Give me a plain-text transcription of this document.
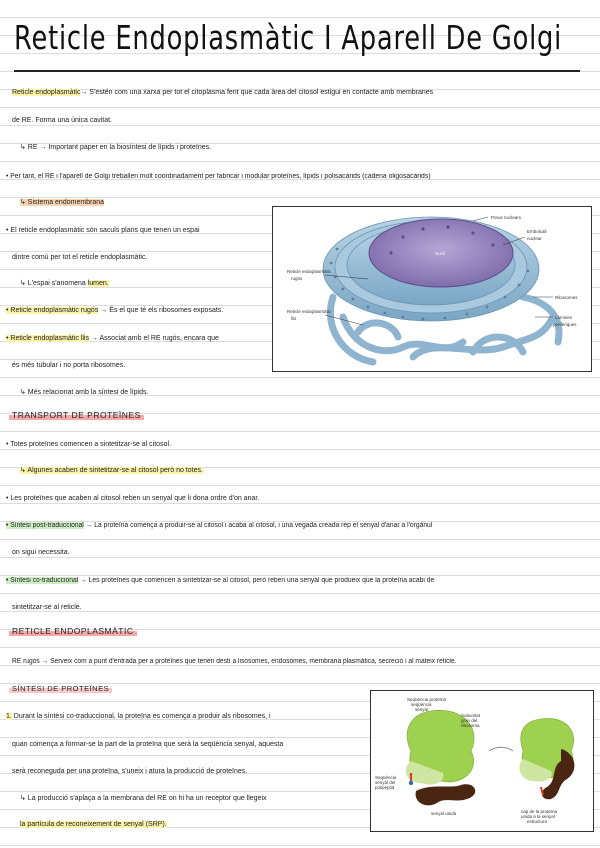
Reticle Endoplasmàtic I Aparell De Golgi
Reticle endoplasmàtic→ S'estén com una xarxa per tot el citoplasma fent que cada àrea del citosol estigui en contacte amb membranes
de RE. Forma una única cavitat.
↳ RE → Important paper en la biosíntesi de lípids i proteïnes.
• Per tant, el RE i l'aparell de Golgi treballen molt coordinadament per fabricar i modular proteïnes, lípids i polisacàrids (cadena oligosacàrids)
↳ Sistema endomembrana
• El reticle endoplasmàtic són saculs plans que tenen un espai
dintre comú per tot el reticle endoplasmàtic.
↳ L'espai s'anomena lumen.
• Reticle endoplasmàtic rugós → És el que té els ribosomes exposats.
• Reticle endoplasmàtic llis → Associat amb el RE rugós, encara que
és més tubular i no porta ribosomes.
↳ Més relacionat amb la síntesi de lípids.
TRANSPORT DE PROTEÏNES
• Totes proteïnes comencen a sintetitzar-se al citosol.
↳ Algunes acaben de sintetitzar-se al citosol però no totes.
• Les proteïnes que acaben al citosol reben un senyal que li dona ordre d'on anar.
• Síntesi post-traduccional → La proteïna comença a produir-se al citosol i acaba al citosol, i una vegada creada rep el senyal d'anar a l'orgànul
on sigui necessita.
• Síntesi co-traduccional → Les proteïnes que comencen a sintetitzar-se al citosol, però reben una senyal que produeix que la proteïna acabi de
sintetitzar-se al reticle.
RETICLE ENDOPLASMÀTIC
RE rugós → Serveix com a punt d'entrada per a proteïnes que tenen destí a lisosomes, endosomes, membrana plasmàtica, secreció i al mateix reticle.
SÍNTESI DE PROTEÏNES
1. Durant la síntesi co-traduccional, la proteïna es comença a produir als ribosomes, i
quan comença a formar-se la part de la proteïna que serà la seqüència senyal, aquesta
serà reconeguda per una proteïna, s'uneix i atura la producció de proteïnes.
↳ La producció s'aplaça a la membrana del RE on hi ha un receptor que llegeix
la partícula de reconeixement de senyal (SRP).
Nucli
Porus nuclears
Embolcall
nuclear
Reticle endoplasmàtic
rugós
Reticle endoplasmàtic
llis
Ribosomes
Làmines
perifèriques
Seqüència proteïna
seqüència
senyal
Subunitat
gran del
ribosoma
Seqüència
senyal del
polipèptid
senyal unida	cap de la proteïna
unida a la senyal
estructura
